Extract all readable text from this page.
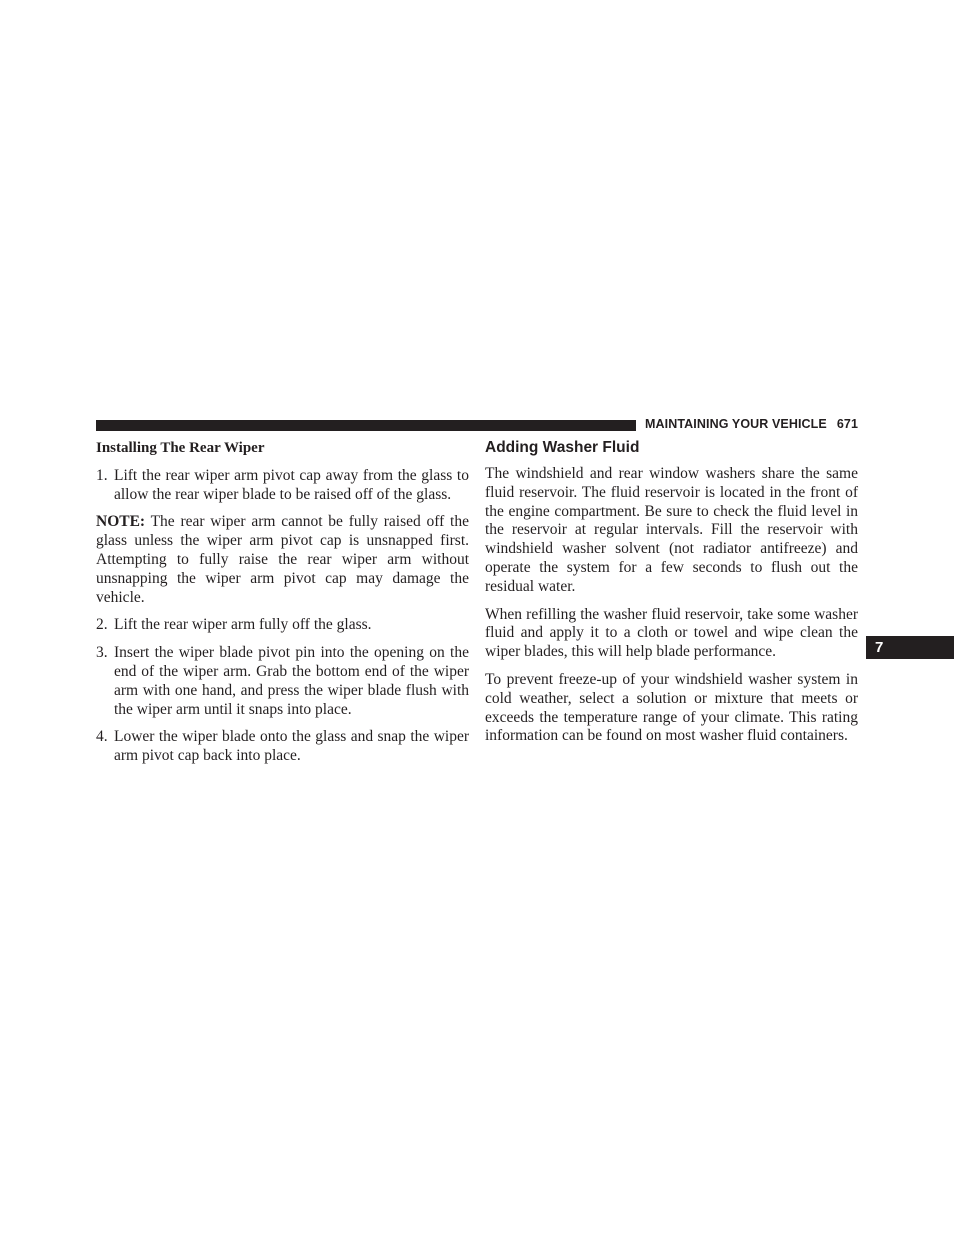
MAINTAINING YOUR VEHICLE 671
7
Installing The Rear Wiper
1. Lift the rear wiper arm pivot cap away from the glass to allow the rear wiper blade to be raised off of the glass.

NOTE: The rear wiper arm cannot be fully raised off the glass unless the wiper arm pivot cap is unsnapped first. Attempting to fully raise the rear wiper arm without unsnapping the wiper arm pivot cap may damage the vehicle.

2. Lift the rear wiper arm fully off the glass.
3. Insert the wiper blade pivot pin into the opening on the end of the wiper arm. Grab the bottom end of the wiper arm with one hand, and press the wiper blade flush with the wiper arm until it snaps into place.
4. Lower the wiper blade onto the glass and snap the wiper arm pivot cap back into place.
Adding Washer Fluid

The windshield and rear window washers share the same fluid reservoir. The fluid reservoir is located in the front of the engine compartment. Be sure to check the fluid level in the reservoir at regular intervals. Fill the reservoir with windshield washer solvent (not radiator antifreeze) and operate the system for a few seconds to flush out the residual water.

When refilling the washer fluid reservoir, take some washer fluid and apply it to a cloth or towel and wipe clean the wiper blades, this will help blade performance.

To prevent freeze-up of your windshield washer system in cold weather, select a solution or mixture that meets or exceeds the temperature range of your climate. This rating information can be found on most washer fluid containers.
